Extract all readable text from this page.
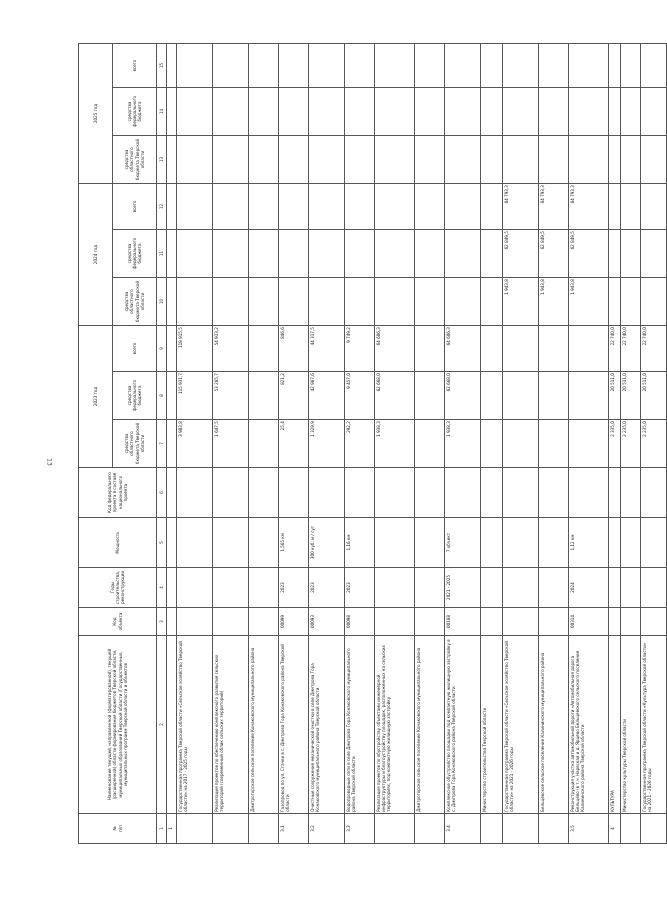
13
№
п/п	Наименование текущей, направленной (форматированной), текущей (расширенной) области формирования бюджетов Тверской области, муниципальных образований Тверской области (Государственных, муниципальных программ Тверской области и объектов	Код объекта	Годы строительства, реконструкции	Мощность	Код федерального проекта в составе национального проекта	2023 год			2024 год			2025 год		
						средства областного бюджета Тверской области	средства федерального бюджета	всего	средства областного бюджета Тверской области	средства федерального бюджета	всего	средства областного бюджета Тверской области	средства федерального бюджета	всего
1	2	3	4	5	6	7	8	9	10	11	12	13	14	15
1														
	Государственная программа Тверской области «Сельское хозяйство Тверской области» на 2017 - 2025 годы					3 983,8	115 931,7	119 915,5						
	Реализация проектов по обеспечению комплексного развития сельских территорий (современный облик сельских территорий)					1 647,5	53 265,7	54 913,2						
	Дмитрогорское сельское поселение Конаковского муниципального района													
3.1	Газопровод по ул. Стачки в с. Дмитрова Гора Конаковского района Тверской области	00099	2023	1,565 км		25,4	821,2	846,6						
3.2	Очистные сооружения механической очистки в селе Дмитрова Гора Конаковского муниципального района Тверской области	00093	2023	300 куб. м / сут		1 329,9	42 987,6	44 317,5						
3.3	Водопроводные сети в селе Дмитрова Гора Конаковского муниципального района Тверской области	00098	2023	1,16 км		292,2	9 457,0	9 749,2						
	Реализация проектов по обустройству объектами инженерной инфраструктуры и благоустройству площадок, расположенных на сельских территориях, под компактную жилищную застройку					1 938,3	62 668,0	64 606,3						
	Дмитрогорское сельское поселение Конаковского муниципального района													
3.4	Комплексное обустройство площадки под компактную жилищную застройку в с. Дмитрова Гора Конаковского района Тверской области	00188	2021 - 2025	7 объект		1 938,3	62 668,0	64 606,3						
	Министерство строительства Тверской области													
	Государственная программа Тверской области «Сельское хозяйство Тверской области» на 2021 - 2026 годы								1 943,8	62 849,5	64 793,3			
	Бельцевское сельское поселение Калининского муниципального района								1 943,8	62 849,5	64 793,3			
3.5	Реконструкция участка автомобильной дороги «Автомобильная дорога Бельцево (в т.ч. Нарвская и д. Ярцево Бельцевского сельского поселения Калининского района Тверской области	00314	2024	1,12 км					1 943,8	62 849,5	64 793,3			
4	КУЛЬТУРА					2 335,0	20 511,0	22 740,0						
	Министерство культуры Тверской области					2 235,0	20 511,0	22 740,0						
	Государственная программа Тверской области «Культура Тверской области» на 2021 - 2026 годы					2 235,0	20 511,0	22 740,0						
